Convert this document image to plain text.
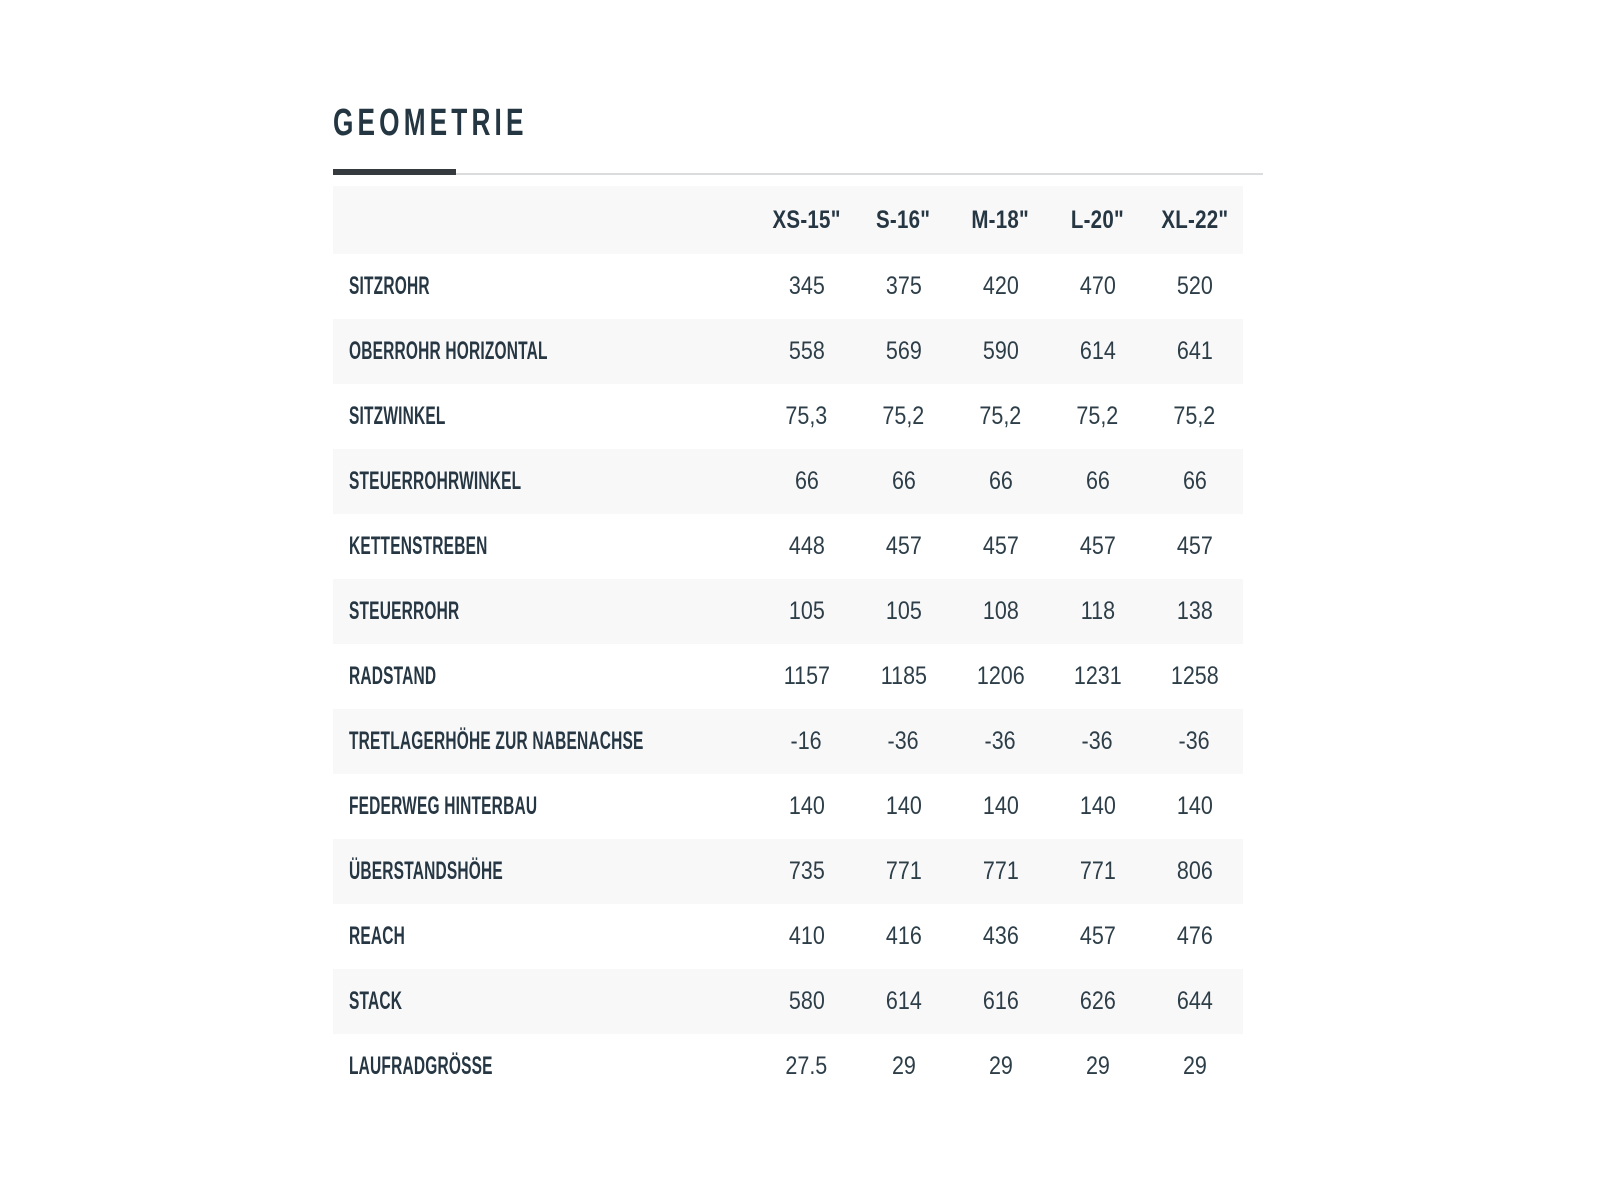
GEOMETRIE
	XS-15"	S-16"	M-18"	L-20"	XL-22"
SITZROHR	345	375	420	470	520
OBERROHR HORIZONTAL	558	569	590	614	641
SITZWINKEL	75,3	75,2	75,2	75,2	75,2
STEUERROHRWINKEL	66	66	66	66	66
KETTENSTREBEN	448	457	457	457	457
STEUERROHR	105	105	108	118	138
RADSTAND	1157	1185	1206	1231	1258
TRETLAGERHÖHE ZUR NABENACHSE	-16	-36	-36	-36	-36
FEDERWEG HINTERBAU	140	140	140	140	140
ÜBERSTANDSHÖHE	735	771	771	771	806
REACH	410	416	436	457	476
STACK	580	614	616	626	644
LAUFRADGRÖSSE	27.5	29	29	29	29
